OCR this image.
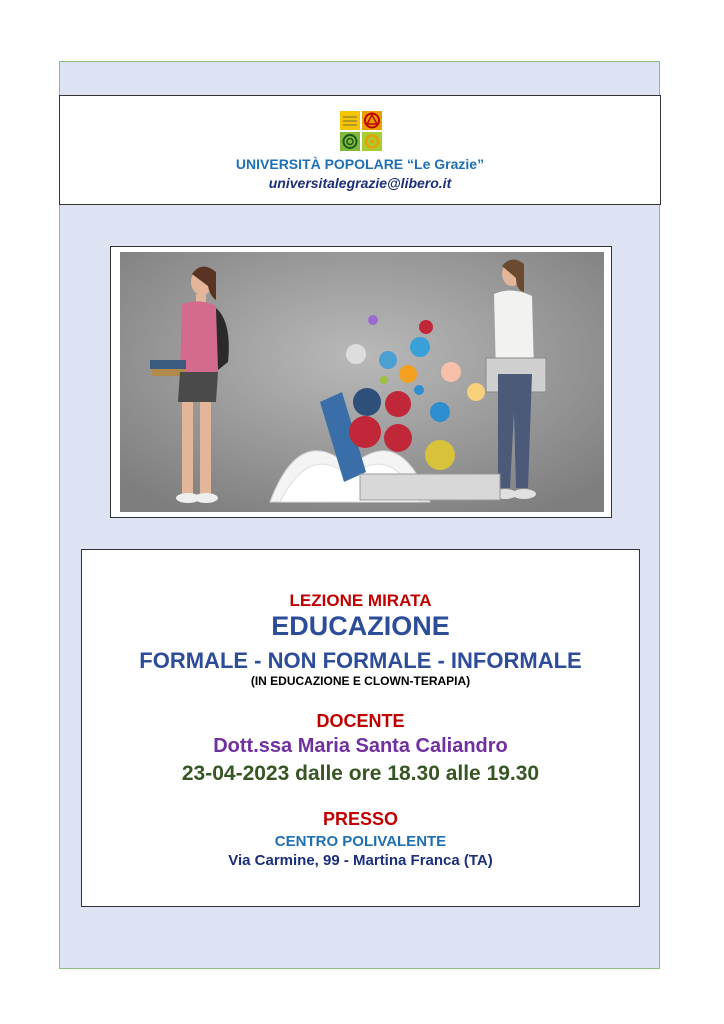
UNIVERSITÀ POPOLARE “Le Grazie”
universitalegrazie@libero.it
LEZIONE MIRATA
EDUCAZIONE
FORMALE - NON FORMALE - INFORMALE
(IN EDUCAZIONE E CLOWN-TERAPIA)
DOCENTE
Dott.ssa Maria Santa Caliandro
23-04-2023 dalle ore 18.30 alle 19.30
PRESSO
CENTRO POLIVALENTE
Via Carmine, 99 - Martina Franca (TA)
